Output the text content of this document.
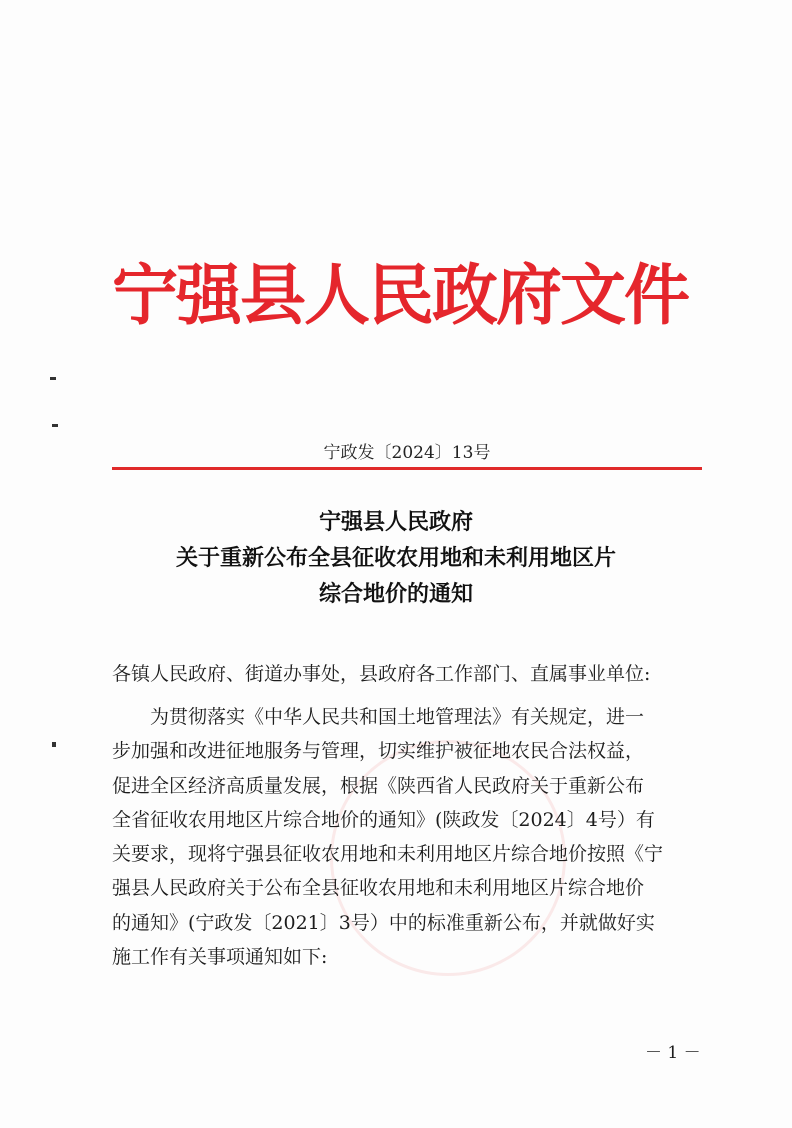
宁强县人民政府文件
宁政发〔2024〕13号
宁强县人民政府
关于重新公布全县征收农用地和未利用地区片
综合地价的通知
各镇人民政府、街道办事处，县政府各工作部门、直属事业单位:
　　为贯彻落实《中华人民共和国土地管理法》有关规定，进一
步加强和改进征地服务与管理，切实维护被征地农民合法权益，
促进全区经济高质量发展，根据《陕西省人民政府关于重新公布
全省征收农用地区片综合地价的通知》(陕政发〔2024〕4号）有
关要求，现将宁强县征收农用地和未利用地区片综合地价按照《宁
强县人民政府关于公布全县征收农用地和未利用地区片综合地价
的通知》(宁政发〔2021〕3号）中的标准重新公布，并就做好实
施工作有关事项通知如下:
－ 1 －
